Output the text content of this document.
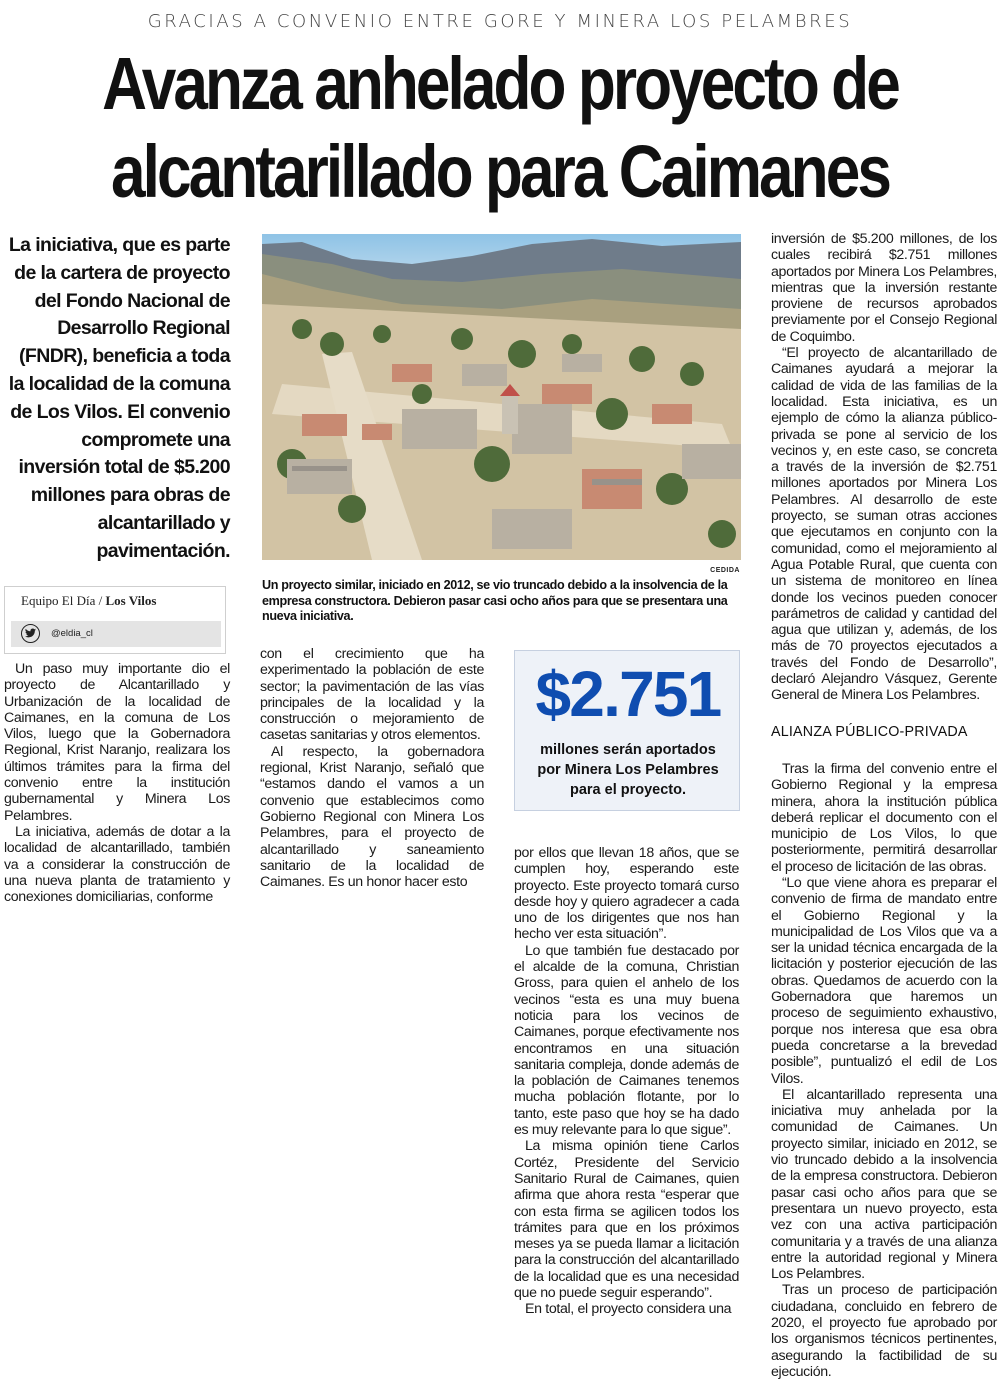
GRACIAS A CONVENIO ENTRE GORE Y MINERA LOS PELAMBRES
Avanza anhelado proyecto de
alcantarillado para Caimanes
La iniciativa, que es parte de la cartera de proyecto del Fondo Nacional de Desarrollo Regional (FNDR), beneficia a toda la localidad de la comuna de Los Vilos. El convenio compromete una inversión total de $5.200 millones para obras de alcantarillado y pavimentación.
CEDIDA
Un proyecto similar, iniciado en 2012, se vio truncado debido a la insolvencia de la empresa constructora. Debieron pasar casi ocho años para que se presentara una nueva iniciativa.
Equipo El Día / Los Vilos
@eldia_cl

Un paso muy importante dio el proyecto de Alcantarillado y Urbanización de la localidad de Caimanes, en la comuna de Los Vilos, luego que la Gobernadora Regional, Krist Naranjo, realizara los últimos trámites para la firma del convenio entre la institución gubernamental y Minera Los Pelambres.

La iniciativa, además de dotar a la localidad de alcantarillado, también va a considerar la construcción de una nueva planta de tratamiento y conexiones domiciliarias, conforme

con el crecimiento que ha experimentado la población de este sector; la pavimentación de las vías principales de la localidad y la construcción o mejoramiento de casetas sanitarias y otros elementos.

Al respecto, la gobernadora regional, Krist Naranjo, señaló que “estamos dando el vamos a un convenio que establecimos como Gobierno Regional con Minera Los Pelambres, para el proyecto de alcantarillado y saneamiento sanitario de la localidad de Caimanes. Es un honor hacer esto

$2.751
millones serán aportados por Minera Los Pelambres para el proyecto.

por ellos que llevan 18 años, que se cumplen hoy, esperando este proyecto. Este proyecto tomará curso desde hoy y quiero agradecer a cada uno de los dirigentes que nos han hecho ver esta situación”.

Lo que también fue destacado por el alcalde de la comuna, Christian Gross, para quien el anhelo de los vecinos “esta es una muy buena noticia para los vecinos de Caimanes, porque efectivamente nos encontramos en una situación sanitaria compleja, donde además de la población de Caimanes tenemos mucha población flotante, por lo tanto, este paso que hoy se ha dado es muy relevante para lo que sigue”.

La misma opinión tiene Carlos Cortéz, Presidente del Servicio Sanitario Rural de Caimanes, quien afirma que ahora resta “esperar que con esta firma se agilicen todos los trámites para que en los próximos meses ya se pueda llamar a licitación para la construcción del alcantarillado de la localidad que es una necesidad que no puede seguir esperando”.

En total, el proyecto considera una

inversión de $5.200 millones, de los cuales recibirá $2.751 millones aportados por Minera Los Pelambres, mientras que la inversión restante proviene de recursos aprobados previamente por el Consejo Regional de Coquimbo.

“El proyecto de alcantarillado de Caimanes ayudará a mejorar la calidad de vida de las familias de la localidad. Esta iniciativa, es un ejemplo de cómo la alianza público-privada se pone al servicio de los vecinos y, en este caso, se concreta a través de la inversión de $2.751 millones aportados por Minera Los Pelambres. Al desarrollo de este proyecto, se suman otras acciones que ejecutamos en conjunto con la comunidad, como el mejoramiento al Agua Potable Rural, que cuenta con un sistema de monitoreo en línea donde los vecinos pueden conocer parámetros de calidad y cantidad del agua que utilizan y, además, de los más de 70 proyectos ejecutados a través del Fondo de Desarrollo”, declaró Alejandro Vásquez, Gerente General de Minera Los Pelambres.

ALIANZA PÚBLICO-PRIVADA

Tras la firma del convenio entre el Gobierno Regional y la empresa minera, ahora la institución pública deberá replicar el documento con el municipio de Los Vilos, lo que posteriormente, permitirá desarrollar el proceso de licitación de las obras.

“Lo que viene ahora es preparar el convenio de firma de mandato entre el Gobierno Regional y la municipalidad de Los Vilos que va a ser la unidad técnica encargada de la licitación y posterior ejecución de las obras. Quedamos de acuerdo con la Gobernadora que haremos un proceso de seguimiento exhaustivo, porque nos interesa que esa obra pueda concretarse a la brevedad posible”, puntualizó el edil de Los Vilos.

El alcantarillado representa una iniciativa muy anhelada por la comunidad de Caimanes. Un proyecto similar, iniciado en 2012, se vio truncado debido a la insolvencia de la empresa constructora. Debieron pasar casi ocho años para que se presentara un nuevo proyecto, esta vez con una activa participación comunitaria y a través de una alianza entre la autoridad regional y Minera Los Pelambres.

Tras un proceso de participación ciudadana, concluido en febrero de 2020, el proyecto fue aprobado por los organismos técnicos pertinentes, asegurando la factibilidad de su ejecución.
